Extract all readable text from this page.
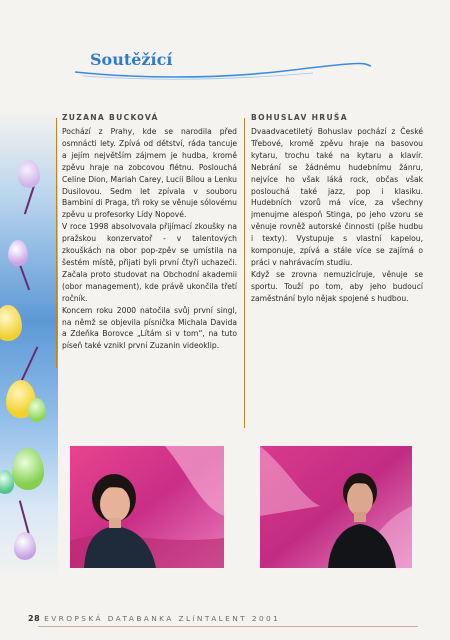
Soutěžící
ZUZANA BUCKOVÁ

Pochází z Prahy, kde se narodila před osmnácti lety. Zpívá od dětství, ráda tancuje a jejím největším zájmem je hudba, kromě zpěvu hraje na zobcovou flétnu. Poslouchá Celine Dion, Mariah Carey, Lucii Bílou a Lenku Dusilovou. Sedm let zpívala v souboru Bambini di Praga, tři roky se věnuje sólovému zpěvu u profesorky Lídy Nopové.

V roce 1998 absolvovala přijímací zkoušky na pražskou konzervatoř - v talentových zkouškách na obor pop-zpěv se umístila na šestém místě, přijati byli první čtyři uchazeči. Začala proto studovat na Obchodní akademii (obor management), kde právě ukončila třetí ročník.

Koncem roku 2000 natočila svůj první singl, na němž se objevila písnička Michala Davida a Zdeňka Borovce „Lítám si v tom“, na tuto píseň také vznikl první Zuzanin videoklip.

BOHUSLAV HRUŠA

Dvaadvacetiletý Bohuslav pochází z České Třebové, kromě zpěvu hraje na basovou kytaru, trochu také na kytaru a klavír. Nebrání se žádnému hudebnímu žánru, nejvíce ho však láká rock, občas však poslouchá také jazz, pop i klasiku. Hudebních vzorů má více, za všechny jmenujme alespoň Stinga, po jeho vzoru se věnuje rovněž autorské činnosti (píše hudbu i texty). Vystupuje s vlastní kapelou, komponuje, zpívá a stále více se zajímá o práci v nahrávacím studiu.

Když se zrovna nemuzicíruje, věnuje se sportu. Touží po tom, aby jeho budoucí zaměstnání bylo nějak spojené s hudbou.

28 EVROPSKÁ DATABANKA ZLíNTALENT 2001
